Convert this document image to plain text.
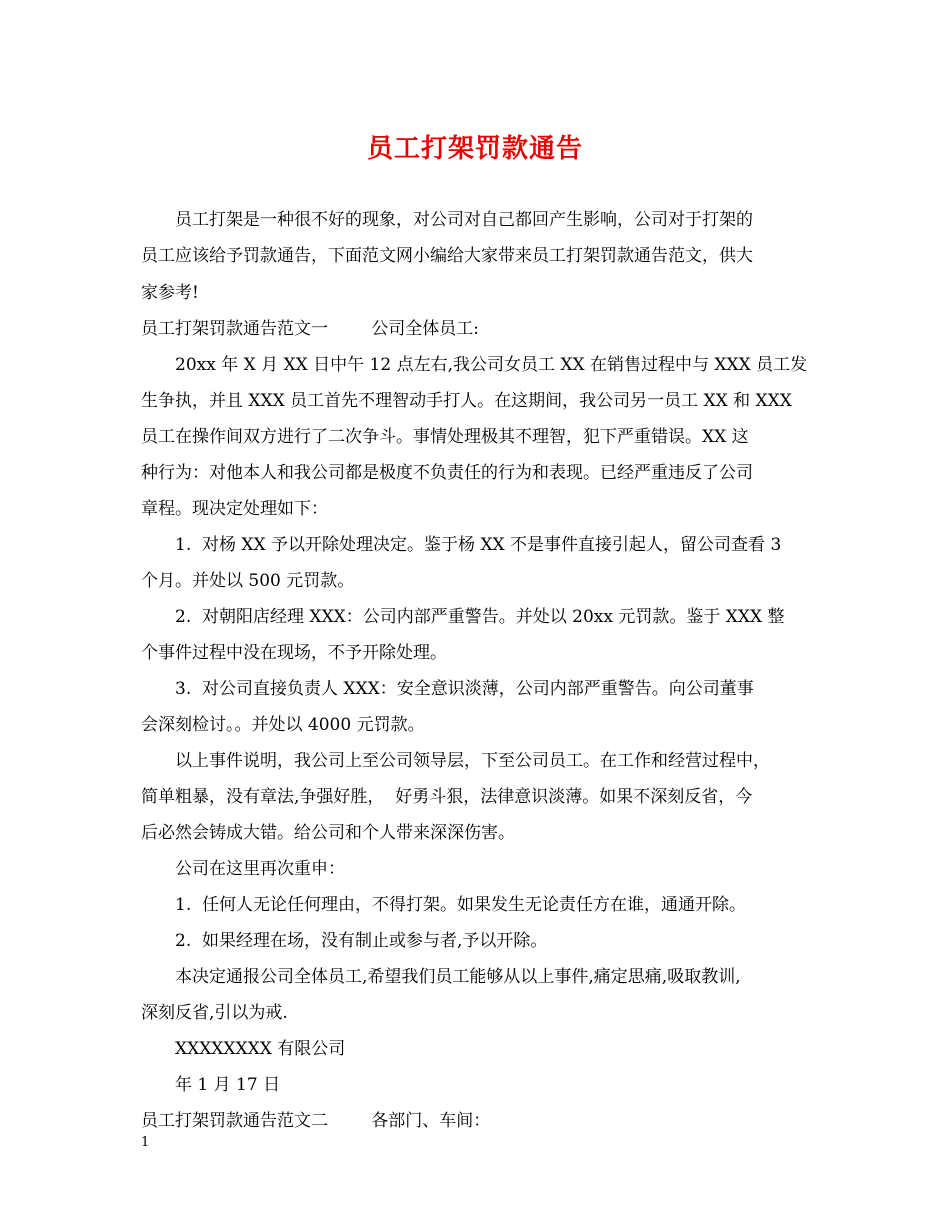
员工打架罚款通告
员工打架是一种很不好的现象，对公司对自己都回产生影响，公司对于打架的
员工应该给予罚款通告，下面范文网小编给大家带来员工打架罚款通告范文，供大
家参考!
员工打架罚款通告范文一        公司全体员工:
20xx 年 X 月 XX 日中午 12 点左右,我公司女员工 XX 在销售过程中与 XXX 员工发
生争执，并且 XXX 员工首先不理智动手打人。在这期间，我公司另一员工 XX 和 XXX
员工在操作间双方进行了二次争斗。事情处理极其不理智，犯下严重错误。XX 这
种行为：对他本人和我公司都是极度不负责任的行为和表现。已经严重违反了公司
章程。现决定处理如下：
1.  对杨 XX 予以开除处理决定。鉴于杨 XX 不是事件直接引起人，留公司查看 3
个月。并处以 500 元罚款。
2.  对朝阳店经理 XXX：公司内部严重警告。并处以 20xx 元罚款。鉴于 XXX 整
个事件过程中没在现场，不予开除处理。
3.  对公司直接负责人 XXX：安全意识淡薄，公司内部严重警告。向公司董事
会深刻检讨。。并处以 4000 元罚款。
以上事件说明，我公司上至公司领导层，下至公司员工。在工作和经营过程中，
简单粗暴，没有章法,争强好胜，  好勇斗狠，法律意识淡薄。如果不深刻反省，今
后必然会铸成大错。给公司和个人带来深深伤害。
公司在这里再次重申：
1.  任何人无论任何理由，不得打架。如果发生无论责任方在谁，通通开除。
2.  如果经理在场，没有制止或参与者,予以开除。
本决定通报公司全体员工,希望我们员工能够从以上事件,痛定思痛,吸取教训,
深刻反省,引以为戒.
XXXXXXXX 有限公司
年 1 月 17 日
员工打架罚款通告范文二        各部门、车间：
1
